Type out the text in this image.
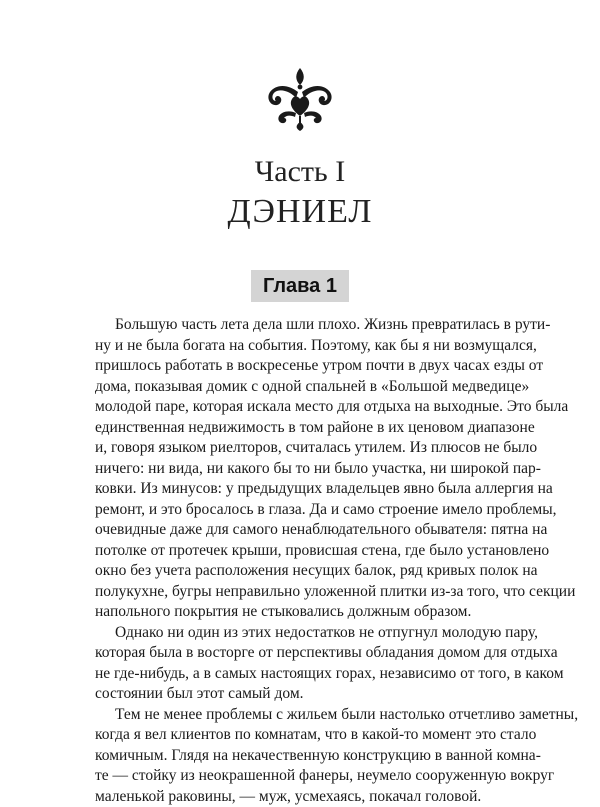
Часть I
ДЭНИЕЛ
Глава 1
Большую часть лета дела шли плохо. Жизнь превратилась в рути-
ну и не была богата на события. Поэтому, как бы я ни возмущался,
пришлось работать в воскресенье утром почти в двух часах езды от
дома, показывая домик с одной спальней в «Большой медведице»
молодой паре, которая искала место для отдыха на выходные. Это была
единственная недвижимость в том районе в их ценовом диапазоне
и, говоря языком риелторов, считалась утилем. Из плюсов не было
ничего: ни вида, ни какого бы то ни было участка, ни широкой пар-
ковки. Из минусов: у предыдущих владельцев явно была аллергия на
ремонт, и это бросалось в глаза. Да и само строение имело проблемы,
очевидные даже для самого ненаблюдательного обывателя: пятна на
потолке от протечек крыши, провисшая стена, где было установлено
окно без учета расположения несущих балок, ряд кривых полок на
полукухне, бугры неправильно уложенной плитки из-за того, что секции
напольного покрытия не стыковались должным образом.
Однако ни один из этих недостатков не отпугнул молодую пару,
которая была в восторге от перспективы обладания домом для отдыха
не где-нибудь, а в самых настоящих горах, независимо от того, в каком
состоянии был этот самый дом.
Тем не менее проблемы с жильем были настолько отчетливо заметны,
когда я вел клиентов по комнатам, что в какой-то момент это стало
комичным. Глядя на некачественную конструкцию в ванной комна-
те — стойку из неокрашенной фанеры, неумело сооруженную вокруг
маленькой раковины, — муж, усмехаясь, покачал головой.
